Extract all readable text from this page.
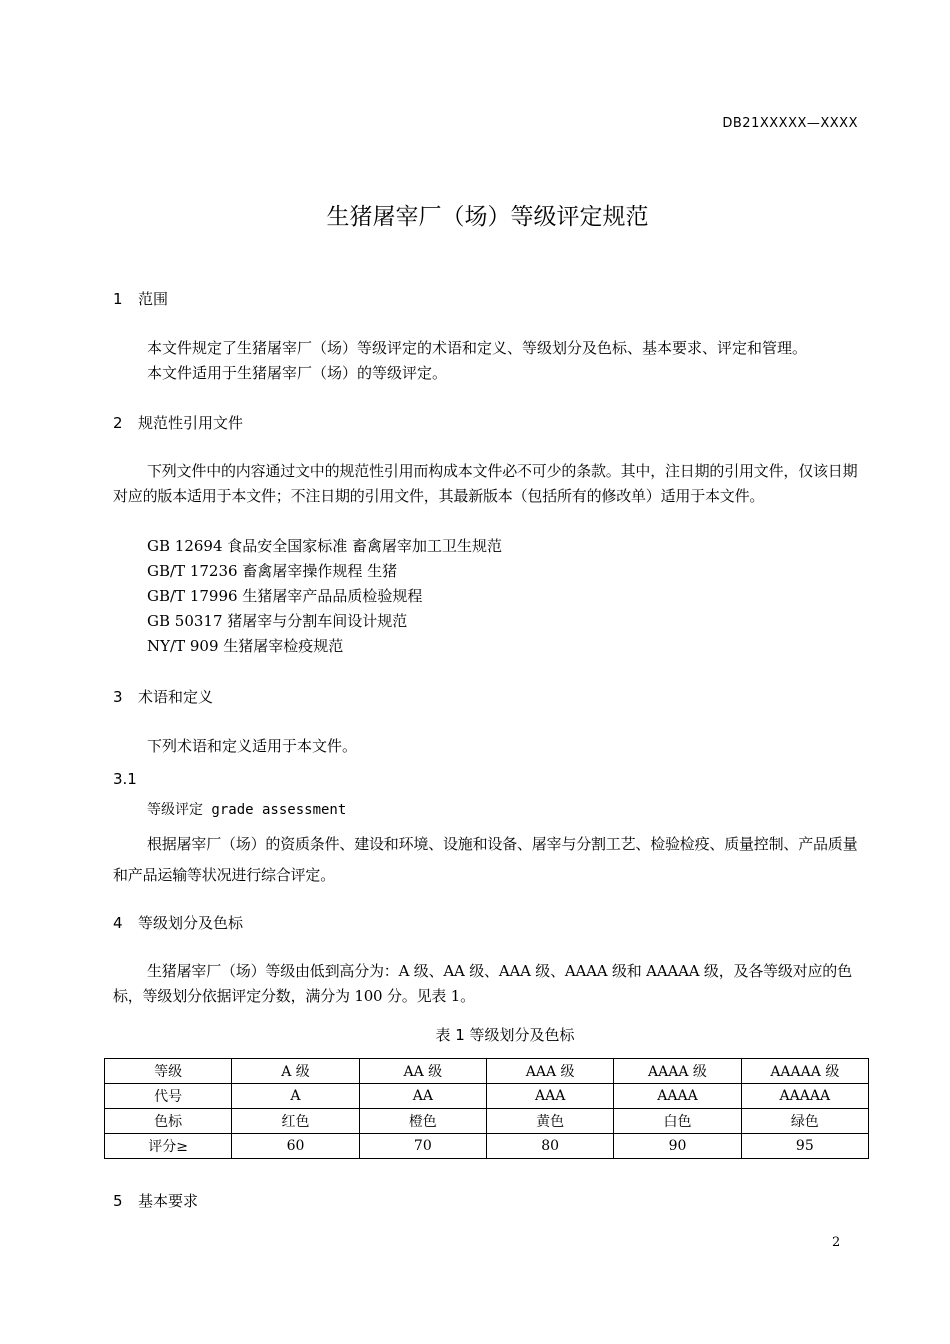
DB21XXXXX—XXXX
生猪屠宰厂（场）等级评定规范
1 范围
本文件规定了生猪屠宰厂（场）等级评定的术语和定义、等级划分及色标、基本要求、评定和管理。
本文件适用于生猪屠宰厂（场）的等级评定。
2 规范性引用文件
下列文件中的内容通过文中的规范性引用而构成本文件必不可少的条款。其中，注日期的引用文件，仅该日期对应的版本适用于本文件；不注日期的引用文件，其最新版本（包括所有的修改单）适用于本文件。
GB 12694 食品安全国家标准 畜禽屠宰加工卫生规范
GB/T 17236 畜禽屠宰操作规程 生猪
GB/T 17996 生猪屠宰产品品质检验规程
GB 50317 猪屠宰与分割车间设计规范
NY/T 909 生猪屠宰检疫规范
3 术语和定义
下列术语和定义适用于本文件。
3.1
等级评定 grade assessment
根据屠宰厂（场）的资质条件、建设和环境、设施和设备、屠宰与分割工艺、检验检疫、质量控制、产品质量和产品运输等状况进行综合评定。
4 等级划分及色标
生猪屠宰厂（场）等级由低到高分为：A 级、AA 级、AAA 级、AAAA 级和 AAAAA 级，及各等级对应的色标，等级划分依据评定分数，满分为 100 分。见表 1。
表 1 等级划分及色标
等级	A 级	AA 级	AAA 级	AAAA 级	AAAAA 级
代号	A	AA	AAA	AAAA	AAAAA
色标	红色	橙色	黄色	白色	绿色
评分≥	60	70	80	90	95
5 基本要求
2
